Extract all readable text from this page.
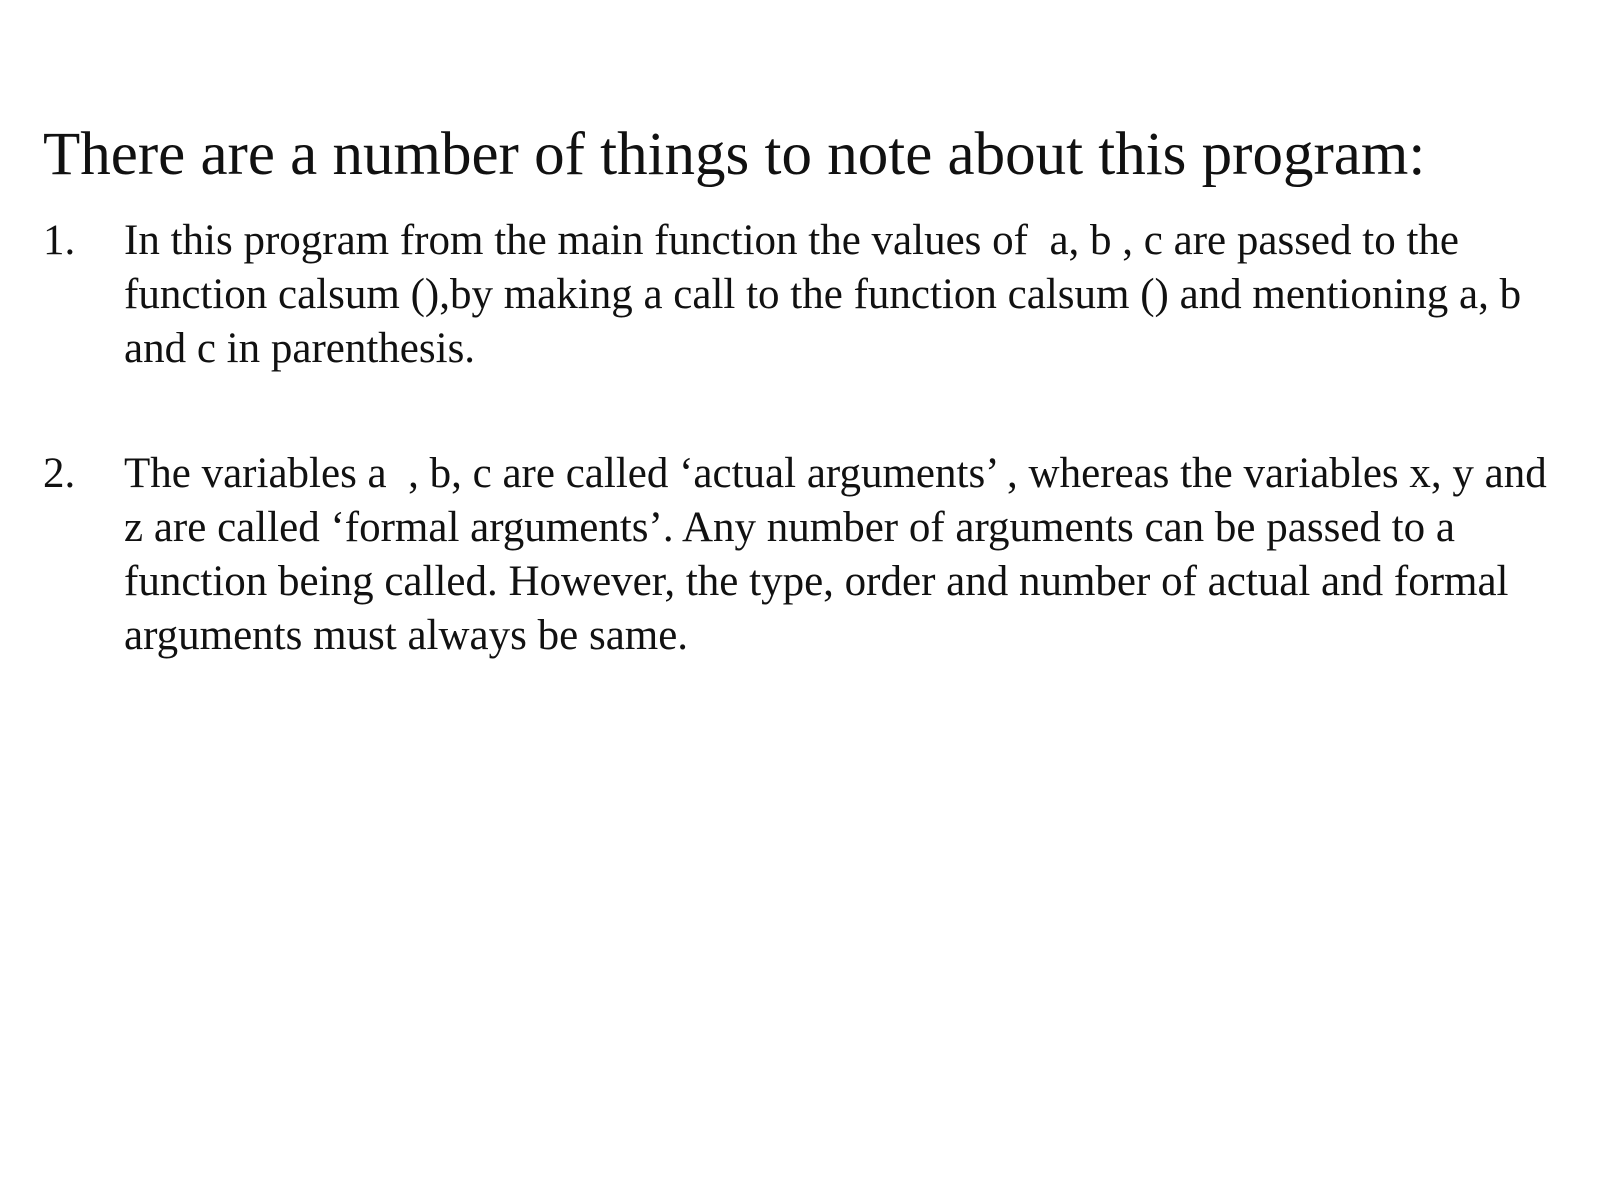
There are a number of things to note about this program:
1.	In this program from the main function the values of  a, b , c are passed to the function calsum (),by making a call to the function calsum () and mentioning a, b and c in parenthesis.
2.	The variables a  , b, c are called ‘actual arguments’ , whereas the variables x, y and z are called ‘formal arguments’. Any number of arguments can be passed to a function being called. However, the type, order and number of actual and formal arguments must always be same.
